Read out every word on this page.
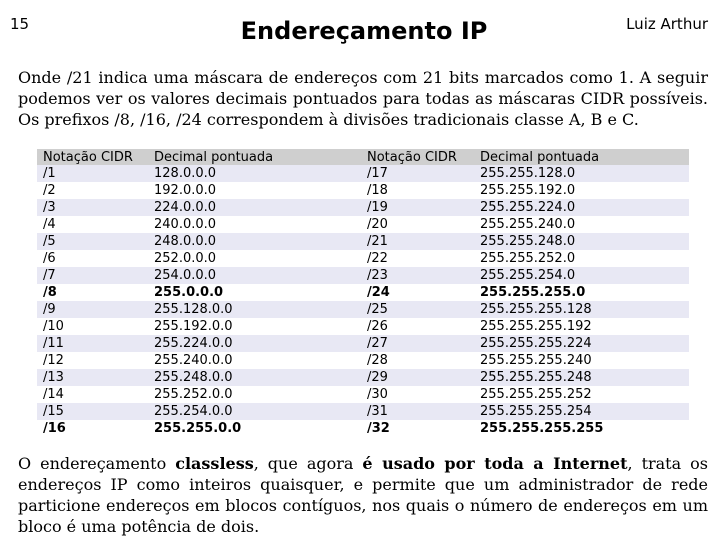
15	Endereçamento IP	Luiz Arthur

Onde /21 indica uma máscara de endereços com 21 bits marcados como 1. A seguir podemos ver os valores decimais pontuados para todas as máscaras CIDR possíveis. Os prefixos /8, /16, /24 correspondem à divisões tradicionais classe A, B e C.

Notação CIDR	Decimal pontuada	Notação CIDR	Decimal pontuada
/1	128.0.0.0	/17	255.255.128.0
/2	192.0.0.0	/18	255.255.192.0
/3	224.0.0.0	/19	255.255.224.0
/4	240.0.0.0	/20	255.255.240.0
/5	248.0.0.0	/21	255.255.248.0
/6	252.0.0.0	/22	255.255.252.0
/7	254.0.0.0	/23	255.255.254.0
/8	255.0.0.0	/24	255.255.255.0
/9	255.128.0.0	/25	255.255.255.128
/10	255.192.0.0	/26	255.255.255.192
/11	255.224.0.0	/27	255.255.255.224
/12	255.240.0.0	/28	255.255.255.240
/13	255.248.0.0	/29	255.255.255.248
/14	255.252.0.0	/30	255.255.255.252
/15	255.254.0.0	/31	255.255.255.254
/16	255.255.0.0	/32	255.255.255.255

O endereçamento classless, que agora é usado por toda a Internet, trata os endereços IP como inteiros quaisquer, e permite que um administrador de rede particione endereços em blocos contíguos, nos quais o número de endereços em um bloco é uma potência de dois.
